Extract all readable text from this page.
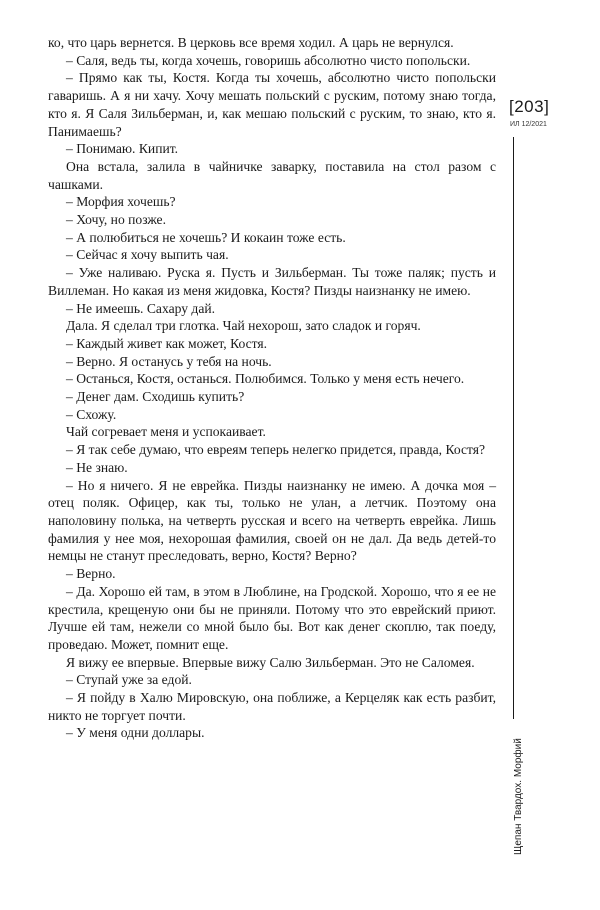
ко, что царь вернется. В церковь все время ходил. А царь не вернулся.

– Саля, ведь ты, когда хочешь, говоришь абсолютно чисто попольски.

– Прямо как ты, Костя. Когда ты хочешь, абсолютно чисто попольски гаваришь. А я ни хачу. Хочу мешать польский с руским, потому знаю тогда, кто я. Я Саля Зильберман, и, как мешаю польский с руским, то знаю, кто я. Панимаешь?

– Понимаю. Кипит.

Она встала, залила в чайничке заварку, поставила на стол разом с чашками.

– Морфия хочешь?

– Хочу, но позже.

– А полюбиться не хочешь? И кокаин тоже есть.

– Сейчас я хочу выпить чая.

– Уже наливаю. Руска я. Пусть и Зильберман. Ты тоже паляк; пусть и Виллеман. Но какая из меня жидовка, Костя? Пизды наизнанку не имею.

– Не имеешь. Сахару дай.

Дала. Я сделал три глотка. Чай нехорош, зато сладок и горяч.

– Каждый живет как может, Костя.

– Верно. Я останусь у тебя на ночь.

– Останься, Костя, останься. Полюбимся. Только у меня есть нечего.

– Денег дам. Сходишь купить?

– Схожу.

Чай согревает меня и успокаивает.

– Я так себе думаю, что евреям теперь нелегко придется, правда, Костя?

– Не знаю.

– Но я ничего. Я не еврейка. Пизды наизнанку не имею. А дочка моя – отец поляк. Офицер, как ты, только не улан, а летчик. Поэтому она наполовину полька, на четверть русская и всего на четверть еврейка. Лишь фамилия у нее моя, нехорошая фамилия, своей он не дал. Да ведь детей-то немцы не станут преследовать, верно, Костя? Верно?

– Верно.

– Да. Хорошо ей там, в этом в Люблине, на Гродской. Хорошо, что я ее не крестила, крещеную они бы не приняли. Потому что это еврейский приют. Лучше ей там, нежели со мной было бы. Вот как денег скоплю, так поеду, проведаю. Может, помнит еще.

Я вижу ее впервые. Впервые вижу Салю Зильберман. Это не Саломея.

– Ступай уже за едой.

– Я пойду в Халю Мировскую, она поближе, а Керцеляк как есть разбит, никто не торгует почти.

– У меня одни доллары.

[203]
ИЛ 12/2021
Щепан Твардох. Морфий
